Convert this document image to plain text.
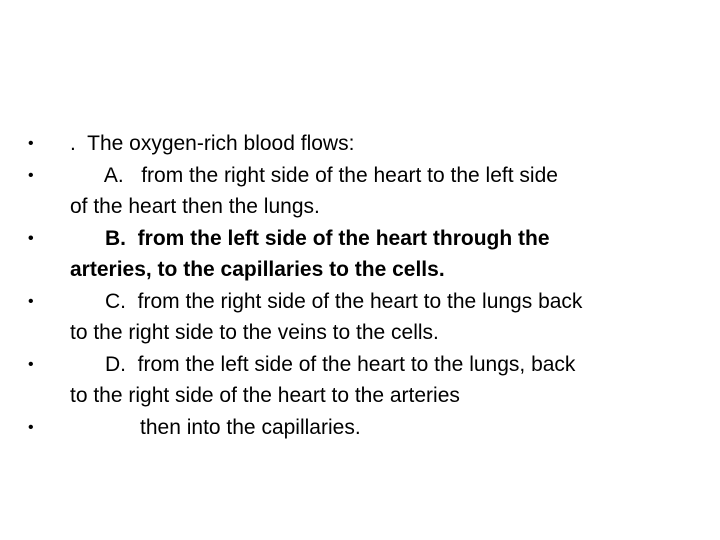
•	.  The oxygen-rich blood flows:
•	A.   from the right side of the heart to the left side
of the heart then the lungs.
•	B.  from the left side of the heart through the
arteries, to the capillaries to the cells.
•	C.  from the right side of the heart to the lungs back
to the right side to the veins to the cells.
•	D.  from the left side of the heart to the lungs, back
to the right side of the heart to the arteries
•	then into the capillaries.
